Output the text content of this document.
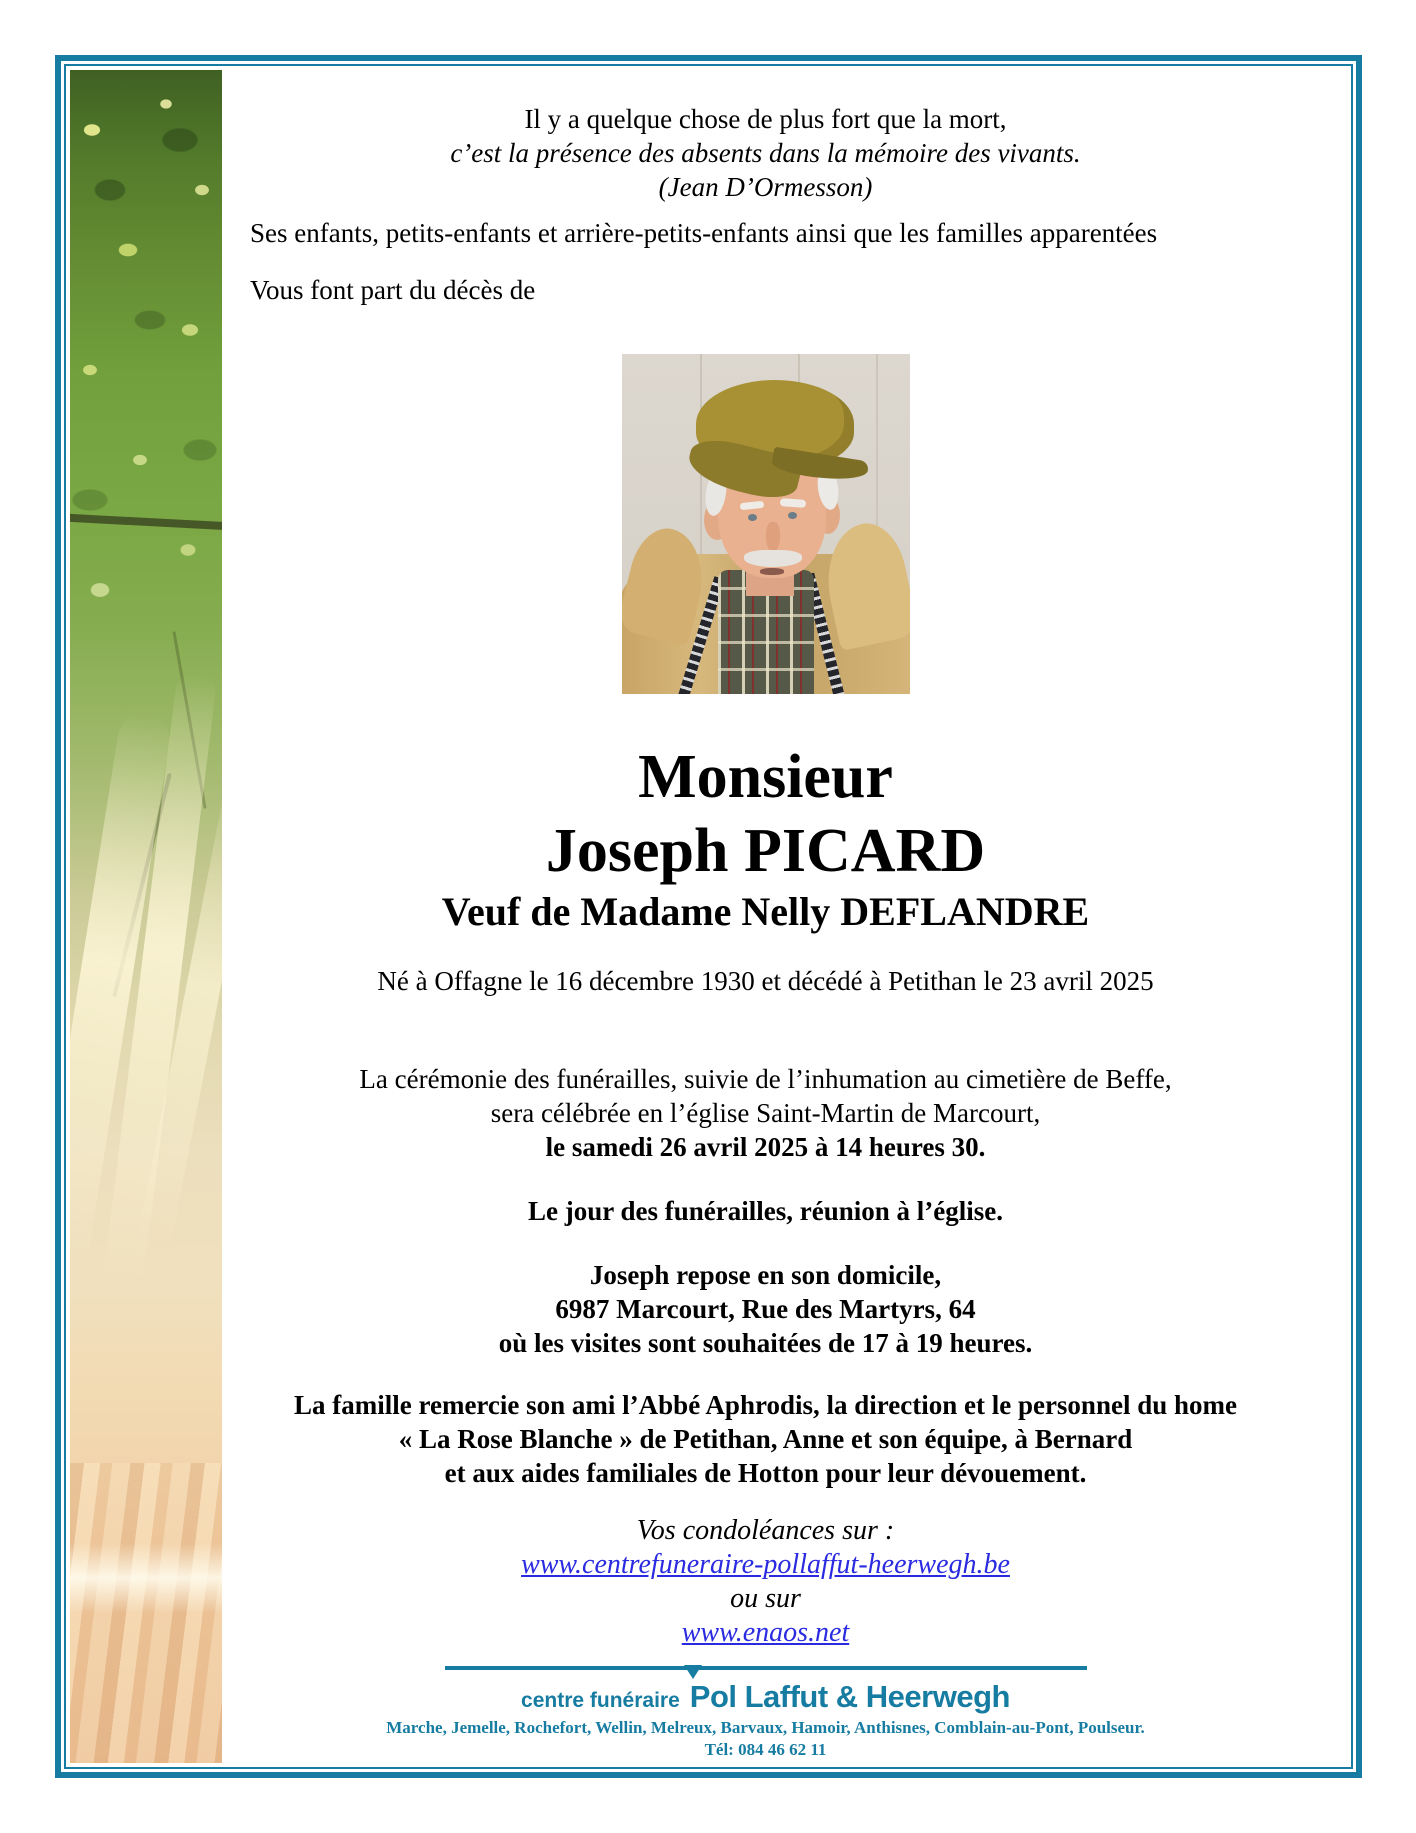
Il y a quelque chose de plus fort que la mort,
c’est la présence des absents dans la mémoire des vivants.
(Jean D’Ormesson)
Ses enfants, petits-enfants et arrière-petits-enfants ainsi que les familles apparentées
Vous font part du décès de
Monsieur
Joseph PICARD
Veuf de Madame Nelly DEFLANDRE
Né à Offagne le 16 décembre 1930 et décédé à Petithan le 23 avril 2025
La cérémonie des funérailles, suivie de l’inhumation au cimetière de Beffe,
sera célébrée en l’église Saint-Martin de Marcourt,
le samedi 26 avril 2025 à 14 heures 30.
Le jour des funérailles, réunion à l’église.
Joseph repose en son domicile,
6987 Marcourt, Rue des Martyrs, 64
où les visites sont souhaitées de 17 à 19 heures.
La famille remercie son ami l’Abbé Aphrodis, la direction et le personnel du home
« La Rose Blanche » de Petithan, Anne et son équipe, à Bernard
et aux aides familiales de Hotton pour leur dévouement.
Vos condoléances sur :
www.centrefuneraire-pollaffut-heerwegh.be
ou sur
www.enaos.net
centre funéraire Pol Laffut & Heerwegh
Marche, Jemelle, Rochefort, Wellin, Melreux, Barvaux, Hamoir, Anthisnes, Comblain-au-Pont, Poulseur.
Tél: 084 46 62 11
